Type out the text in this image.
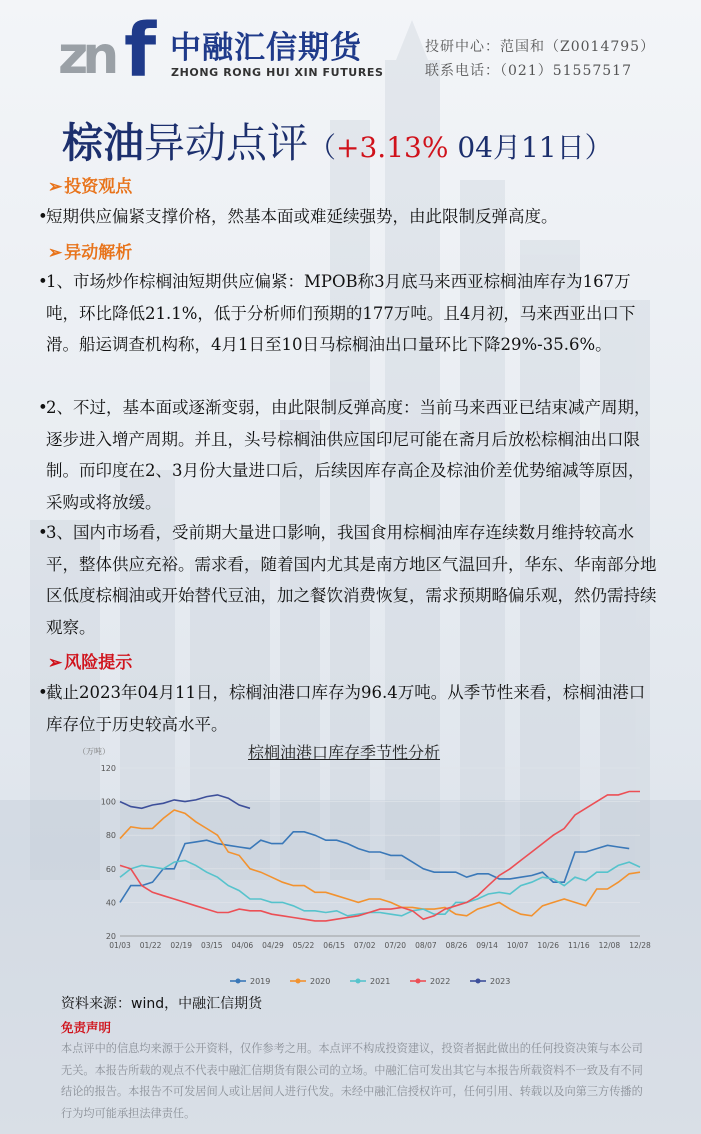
zn f 中融汇信期货
ZHONG RONG HUI XIN FUTURES
投研中心：范国和（Z0014795）
联系电话：（021）51557517
棕油异动点评（+3.13% 04月11日）
➢ 投资观点
•
短期供应偏紧支撑价格，然基本面或难延续强势，由此限制反弹高度。
➢ 异动解析
•
1、市场炒作棕榈油短期供应偏紧：MPOB称3月底马来西亚棕榈油库存为167万吨，环比降低21.1%，低于分析师们预期的177万吨。且4月初，马来西亚出口下滑。船运调查机构称，4月1日至10日马棕榈油出口量环比下降29%-35.6%。
•
2、不过，基本面或逐渐变弱，由此限制反弹高度：当前马来西亚已结束减产周期，逐步进入增产周期。并且，头号棕榈油供应国印尼可能在斋月后放松棕榈油出口限制。而印度在2、3月份大量进口后，后续因库存高企及棕油价差优势缩减等原因，采购或将放缓。
•
3、国内市场看，受前期大量进口影响，我国食用棕榈油库存连续数月维持较高水平，整体供应充裕。需求看，随着国内尤其是南方地区气温回升，华东、华南部分地区低度棕榈油或开始替代豆油，加之餐饮消费恢复，需求预期略偏乐观，然仍需持续观察。
➢ 风险提示
•
截止2023年04月11日，棕榈油港口库存为96.4万吨。从季节性来看，棕榈油港口库存位于历史较高水平。
棕榈油港口库存季节性分析
（万吨）
20
40
60
80
100
120
01/03 01/22 02/19 03/15 04/06 04/29 05/22 06/15 07/02 07/20 08/07 08/26 09/14 10/07 10/26 11/16 12/08 12/28
2019	2020	2021	2022	2023
资料来源：wind，中融汇信期货
免责声明
本点评中的信息均来源于公开资料，仅作参考之用。本点评不构成投资建议，投资者据此做出的任何投资决策与本公司无关。本报告所载的观点不代表中融汇信期货有限公司的立场。中融汇信可发出其它与本报告所载资料不一致及有不同结论的报告。本报告不可发居间人或让居间人进行代发。未经中融汇信授权许可，任何引用、转载以及向第三方传播的行为均可能承担法律责任。
